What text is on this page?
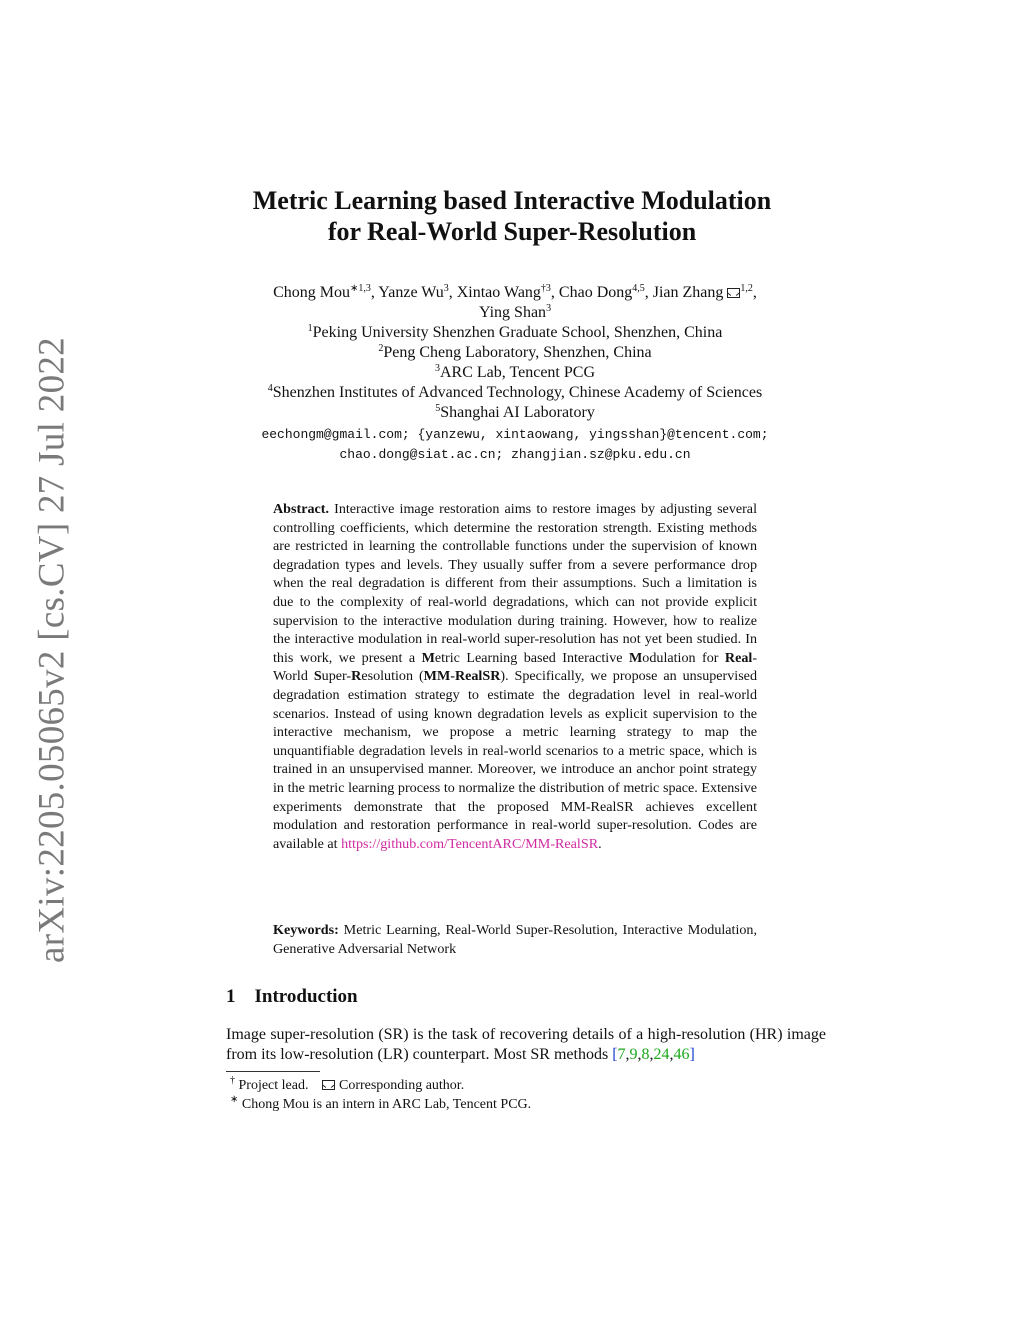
arXiv:2205.05065v2 [cs.CV] 27 Jul 2022
Metric Learning based Interactive Modulation
for Real-World Super-Resolution
Chong Mou$^{∗1,3}$, Yanze Wu$^3$, Xintao Wang$^{\dagger 3}$, Chao Dong$^{4,5}$, Jian Zhang $^{1,2}$,
Ying Shan$^3$
$^1$Peking University Shenzhen Graduate School, Shenzhen, China
$^2$Peng Cheng Laboratory, Shenzhen, China
$^3$ARC Lab, Tencent PCG
$^4$Shenzhen Institutes of Advanced Technology, Chinese Academy of Sciences
$^5$Shanghai AI Laboratory
eechongm@gmail.com; {yanzewu, xintaowang, yingsshan}@tencent.com;
chao.dong@siat.ac.cn; zhangjian.sz@pku.edu.cn
Abstract. Interactive image restoration aims to restore images by adjusting several controlling coefficients, which determine the restoration strength. Existing methods are restricted in learning the controllable functions under the supervision of known degradation types and levels. They usually suffer from a severe performance drop when the real degradation is different from their assumptions. Such a limitation is due to the complexity of real-world degradations, which can not provide explicit supervision to the interactive modulation during training. However, how to realize the interactive modulation in real-world super-resolution has not yet been studied. In this work, we present a Metric Learning based Interactive Modulation for Real-World Super-Resolution (MM-RealSR). Specifically, we propose an unsupervised degradation estimation strategy to estimate the degradation level in real-world scenarios. Instead of using known degradation levels as explicit supervision to the interactive mechanism, we propose a metric learning strategy to map the unquantifiable degradation levels in real-world scenarios to a metric space, which is trained in an unsupervised manner. Moreover, we introduce an anchor point strategy in the metric learning process to normalize the distribution of metric space. Extensive experiments demonstrate that the proposed MM-RealSR achieves excellent modulation and restoration performance in real-world super-resolution. Codes are available at https://github.com/TencentARC/MM-RealSR.
Keywords: Metric Learning, Real-World Super-Resolution, Interactive Modulation, Generative Adversarial Network
1 Introduction
Image super-resolution (SR) is the task of recovering details of a high-resolution (HR) image from its low-resolution (LR) counterpart. Most SR methods [7,9,8,24,46]
† Project lead.     Corresponding author.
∗ Chong Mou is an intern in ARC Lab, Tencent PCG.
